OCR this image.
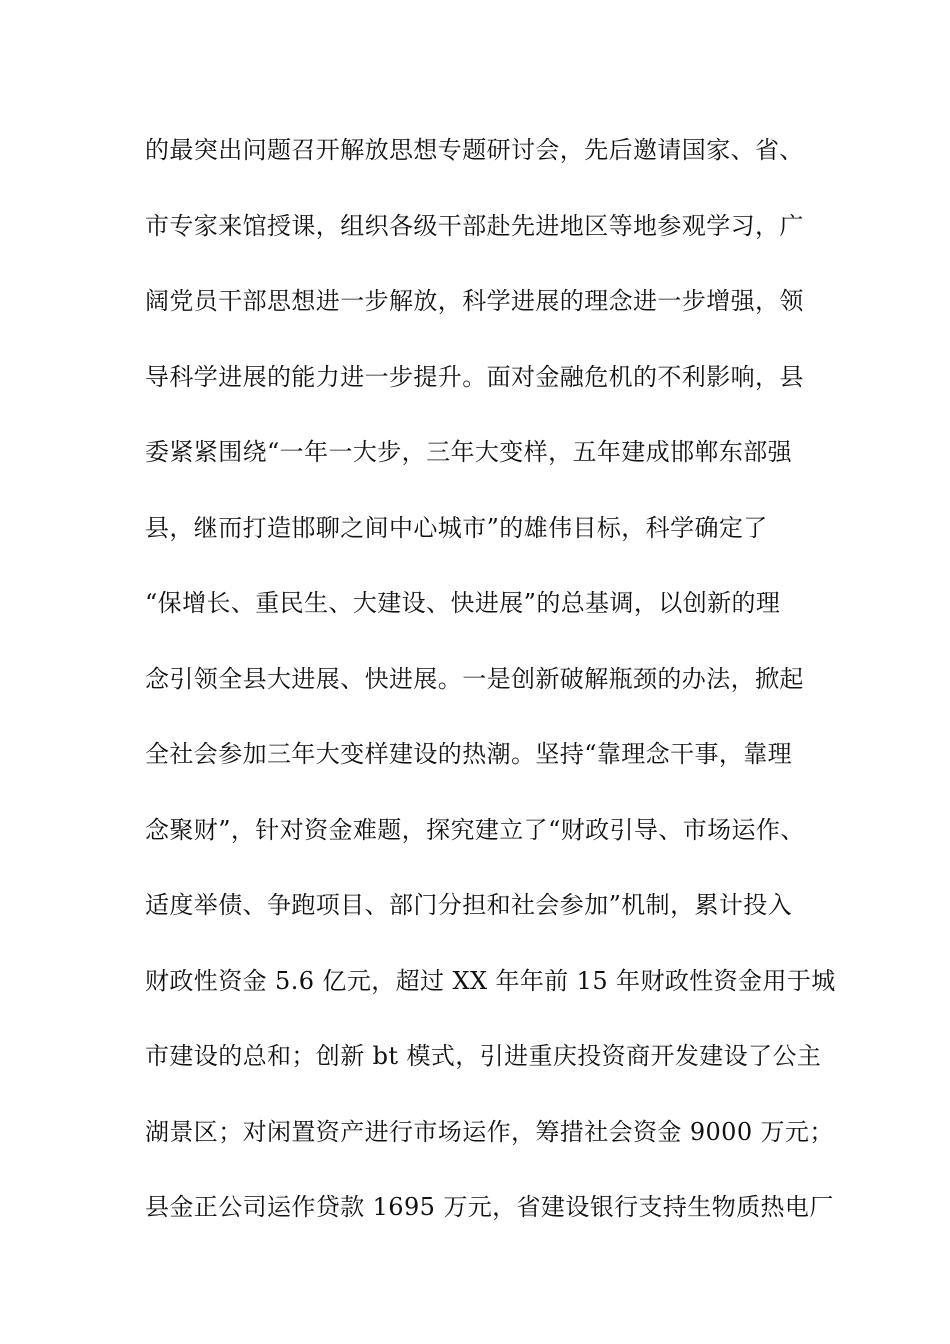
的最突出问题召开解放思想专题研讨会，先后邀请国家、省、
市专家来馆授课，组织各级干部赴先进地区等地参观学习，广
阔党员干部思想进一步解放，科学进展的理念进一步增强，领
导科学进展的能力进一步提升。面对金融危机的不利影响，县
委紧紧围绕“一年一大步，三年大变样，五年建成邯郸东部强
县，继而打造邯聊之间中心城市”的雄伟目标，科学确定了
“保增长、重民生、大建设、快进展”的总基调，以创新的理
念引领全县大进展、快进展。一是创新破解瓶颈的办法，掀起
全社会参加三年大变样建设的热潮。坚持“靠理念干事，靠理
念聚财”，针对资金难题，探究建立了“财政引导、市场运作、
适度举债、争跑项目、部门分担和社会参加”机制，累计投入
财政性资金 5.6 亿元，超过 XX 年年前 15 年财政性资金用于城
市建设的总和；创新 bt 模式，引进重庆投资商开发建设了公主
湖景区；对闲置资产进行市场运作，筹措社会资金 9000 万元；
县金正公司运作贷款 1695 万元，省建设银行支持生物质热电厂
